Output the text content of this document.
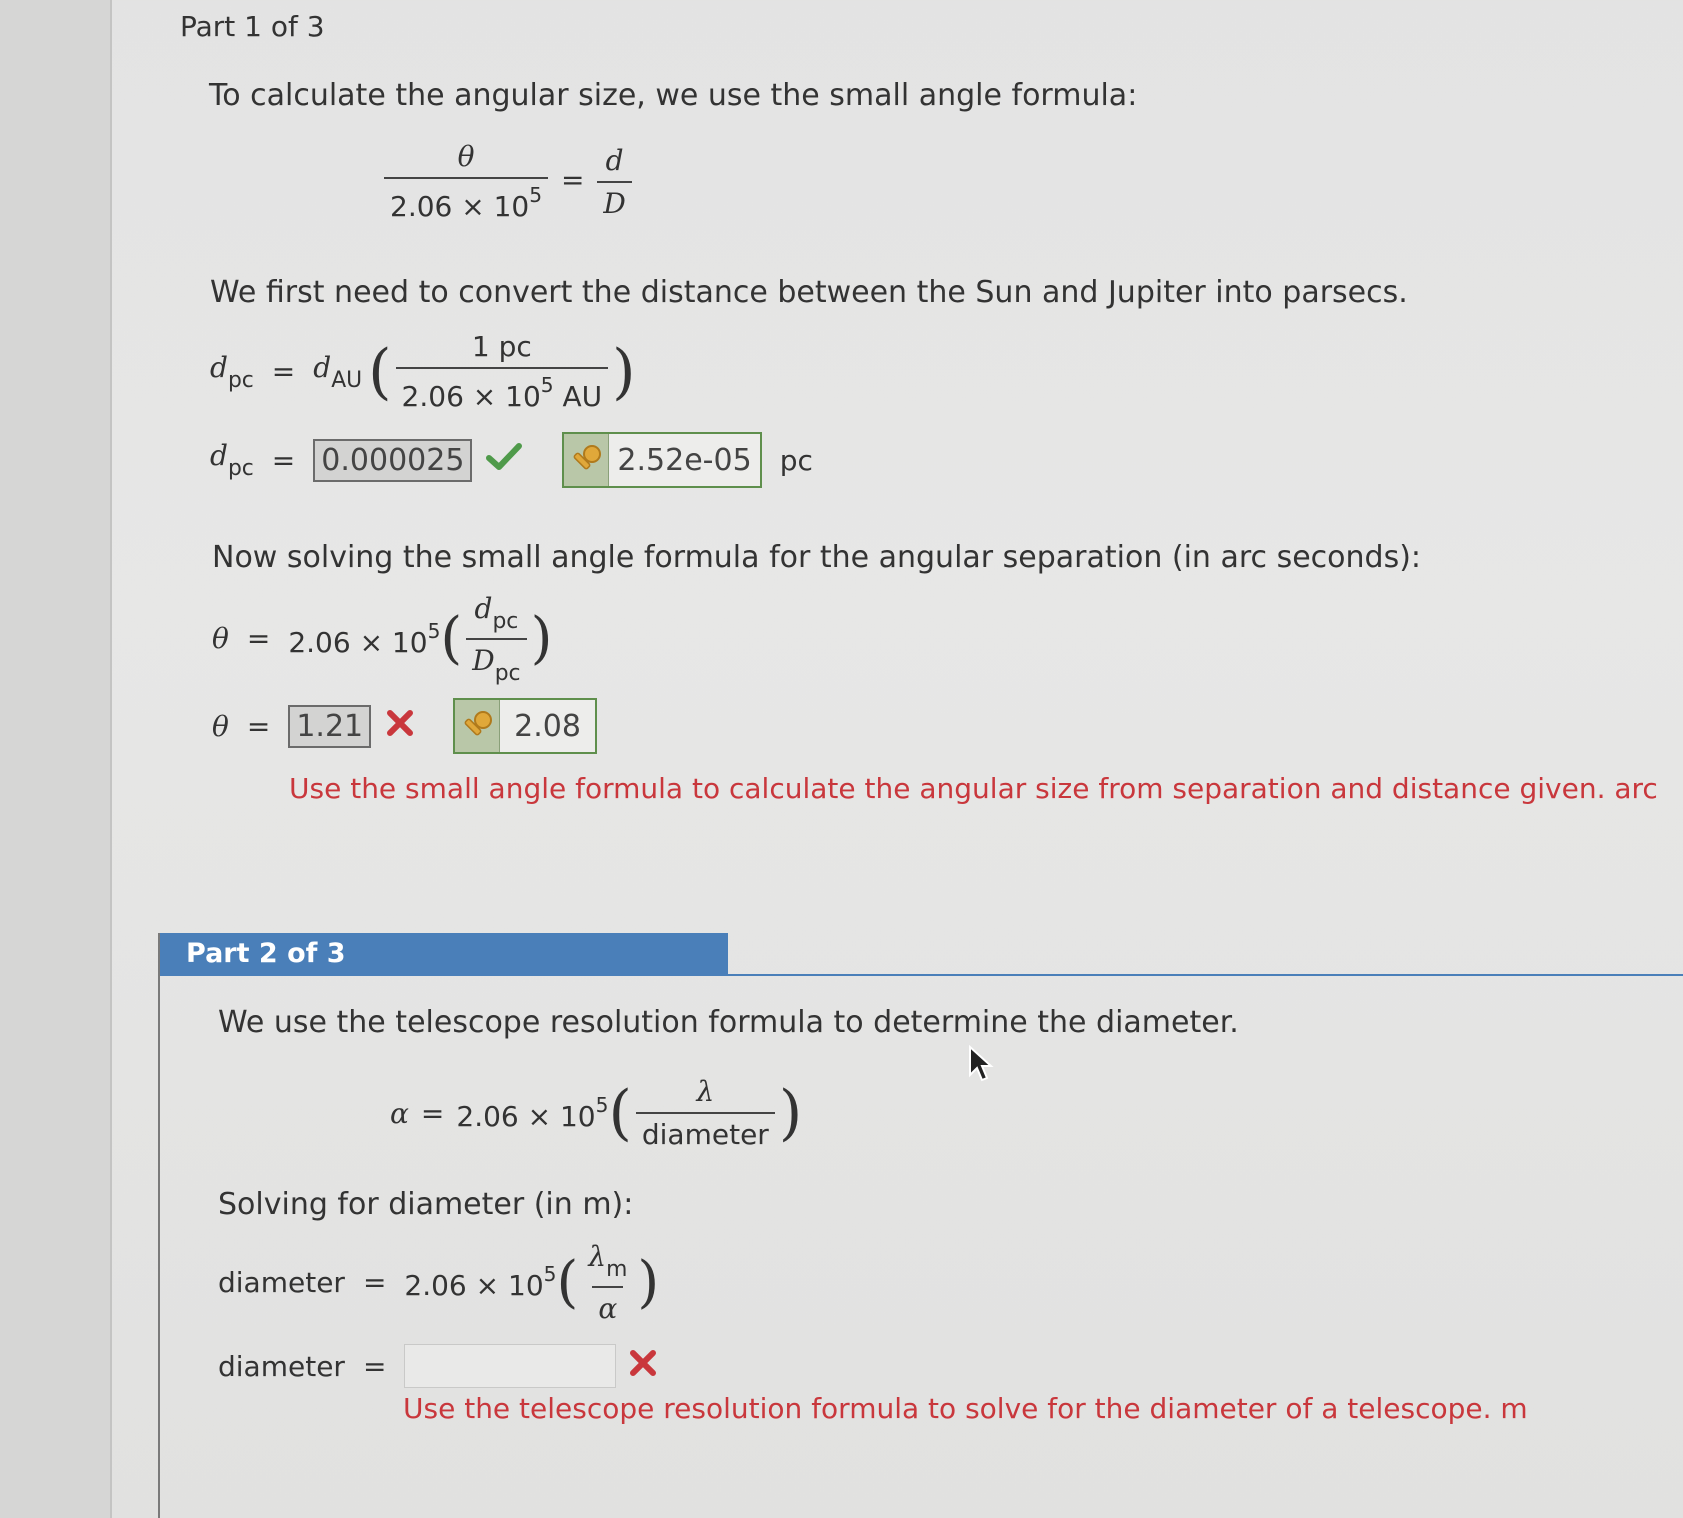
Part 1 of 3
To calculate the angular size, we use the small angle formula:
$\frac{\theta}{2.06 \times 10^5} = \frac{d}{D}$
We first need to convert the distance between the Sun and Jupiter into parsecs.
$d_{pc} = d_{AU}$ ( $\frac{1 pc}{2.06 \times 10^5 AU}$ )
$d_{pc} = 0.000025$	2.52e-05 pc
Now solving the small angle formula for the angular separation (in arc seconds):
$\theta = 2.06 \times 10^5$ ( $\frac{d_{pc}}{D_{pc}}$ )
θ = 1.21	2.08
Use the small angle formula to calculate the angular size from separation and distance given. arc
Part 2 of 3
We use the telescope resolution formula to determine the diameter.
$\alpha = 2.06 \times 10^5$ ( $\frac{\lambda}{\text{diameter}}$ )
Solving for diameter (in m):
diameter = $2.06 \times 10^5$ ( $\frac{\lambda_m}{\alpha}$ )
diameter =
Use the telescope resolution formula to solve for the diameter of a telescope. m
